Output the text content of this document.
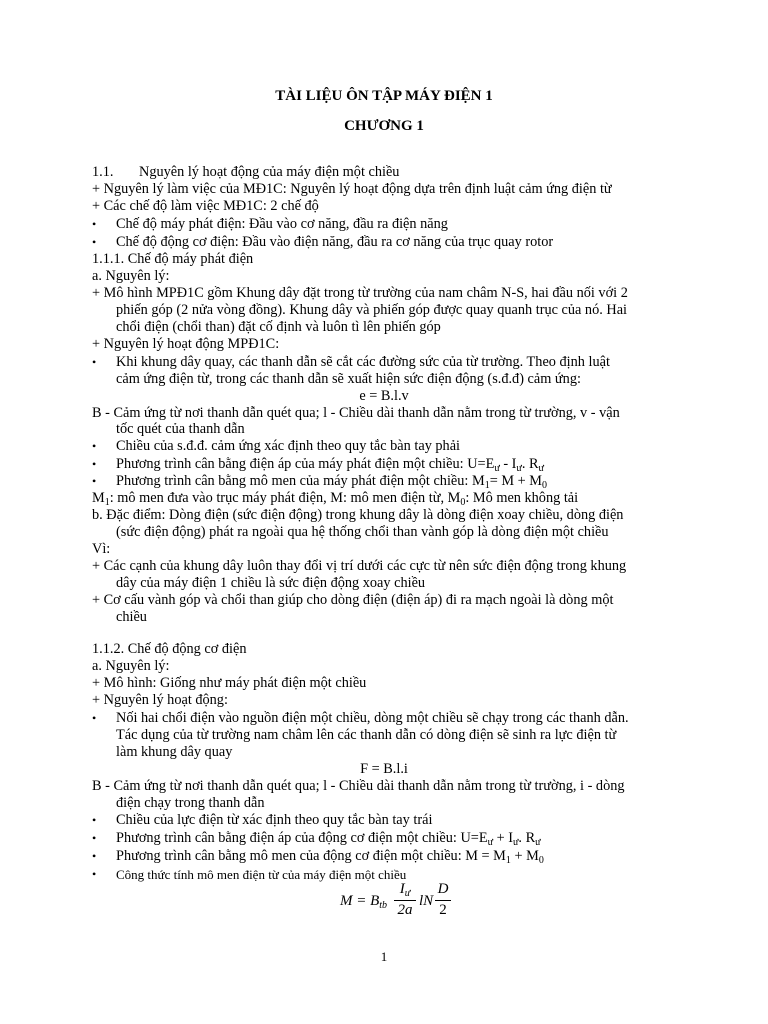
TÀI LIỆU ÔN TẬP MÁY ĐIỆN 1
CHƯƠNG 1
1.1. Nguyên lý hoạt động của máy điện một chiều
+ Nguyên lý làm việc của MĐ1C: Nguyên lý hoạt động dựa trên định luật cảm ứng điện từ
+ Các chế độ làm việc MĐ1C: 2 chế độ
• Chế độ máy phát điện: Đầu vào cơ năng, đầu ra điện năng
• Chế độ động cơ điện: Đầu vào điện năng, đầu ra cơ năng của trục quay rotor
1.1.1. Chế độ máy phát điện
a. Nguyên lý:
+ Mô hình MPĐ1C gồm Khung dây đặt trong từ trường của nam châm N-S, hai đầu nối với 2
phiến góp (2 nửa vòng đồng). Khung dây và phiến góp được quay quanh trục của nó. Hai
chổi điện (chổi than) đặt cố định và luôn tì lên phiến góp
+ Nguyên lý hoạt động MPĐ1C:
• Khi khung dây quay, các thanh dẫn sẽ cắt các đường sức của từ trường. Theo định luật
cảm ứng điện từ, trong các thanh dẫn sẽ xuất hiện sức điện động (s.đ.đ) cảm ứng:
e = B.l.v
B - Cảm ứng từ nơi thanh dẫn quét qua; l - Chiều dài thanh dẫn nằm trong từ trường, v - vận
tốc quét của thanh dẫn
• Chiều của s.đ.đ. cảm ứng xác định theo quy tắc bàn tay phải
• Phương trình cân bằng điện áp của máy phát điện một chiều: $U=E_ư - I_ư$. $R_ư$
• Phương trình cân bằng mô men của máy phát điện một chiều: $M_1= M + M_0$
$M_1$: mô men đưa vào trục máy phát điện, M: mô men điện từ, $M_0$: Mô men không tải
b. Đặc điểm: Dòng điện (sức điện động) trong khung dây là dòng điện xoay chiều, dòng điện
(sức điện động) phát ra ngoài qua hệ thống chổi than vành góp là dòng điện một chiều
Vì:
+ Các cạnh của khung dây luôn thay đổi vị trí dưới các cực từ nên sức điện động trong khung
dây của máy điện 1 chiều là sức điện động xoay chiều
+ Cơ cấu vành góp và chổi than giúp cho dòng điện (điện áp) đi ra mạch ngoài là dòng một
chiều
1.1.2. Chế độ động cơ điện
a. Nguyên lý:
+ Mô hình: Giống như máy phát điện một chiều
+ Nguyên lý hoạt động:
• Nối hai chổi điện vào nguồn điện một chiều, dòng một chiều sẽ chạy trong các thanh dẫn.
Tác dụng của từ trường nam châm lên các thanh dẫn có dòng điện sẽ sinh ra lực điện từ
làm khung dây quay
F = B.l.i
B - Cảm ứng từ nơi thanh dẫn quét qua; l - Chiều dài thanh dẫn nằm trong từ trường, i - dòng
điện chạy trong thanh dẫn
• Chiều của lực điện từ xác định theo quy tắc bàn tay trái
• Phương trình cân bằng điện áp của động cơ điện một chiều: $U=E_ư + I_ư$. $R_ư$
• Phương trình cân bằng mô men của động cơ điện một chiều: $M = M_1 + M_0$
• Công thức tính mô men điện từ của máy điện một chiều
$M = B_{tb}$
$I_ư$
2a
lN
D
2
1
